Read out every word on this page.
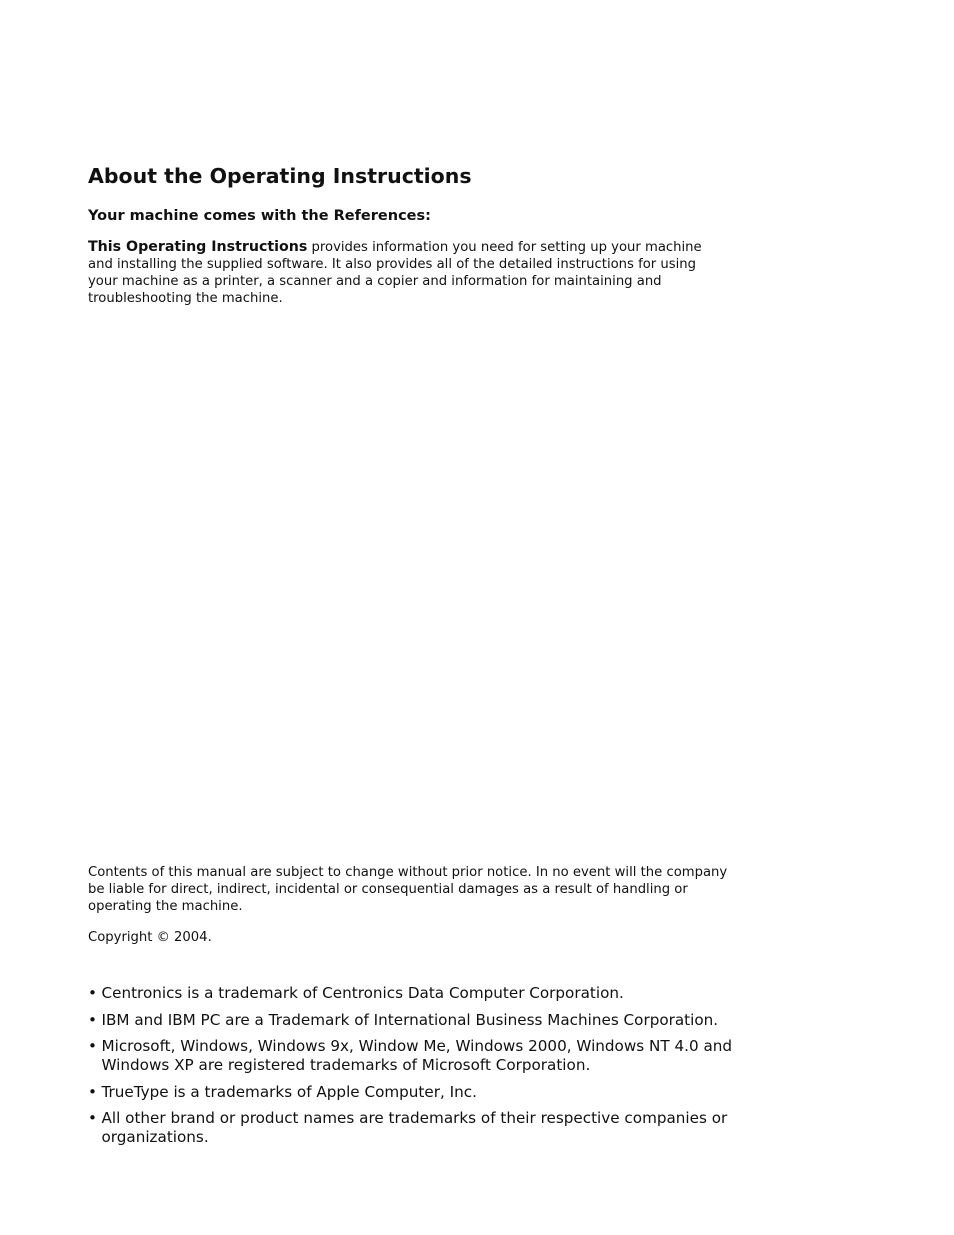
About the Operating Instructions
Your machine comes with the References:

This Operating Instructions provides information you need for setting up your machine and installing the supplied software. It also provides all of the detailed instructions for using your machine as a printer, a scanner and a copier and information for maintaining and troubleshooting the machine.

Contents of this manual are subject to change without prior notice. In no event will the company be liable for direct, indirect, incidental or consequential damages as a result of handling or operating the machine.

Copyright © 2004.

• Centronics is a trademark of Centronics Data Computer Corporation.
• IBM and IBM PC are a Trademark of International Business Machines Corporation.
• Microsoft, Windows, Windows 9x, Window Me, Windows 2000, Windows NT 4.0 and Windows XP are registered trademarks of Microsoft Corporation.
• TrueType is a trademarks of Apple Computer, Inc.
• All other brand or product names are trademarks of their respective companies or organizations.
